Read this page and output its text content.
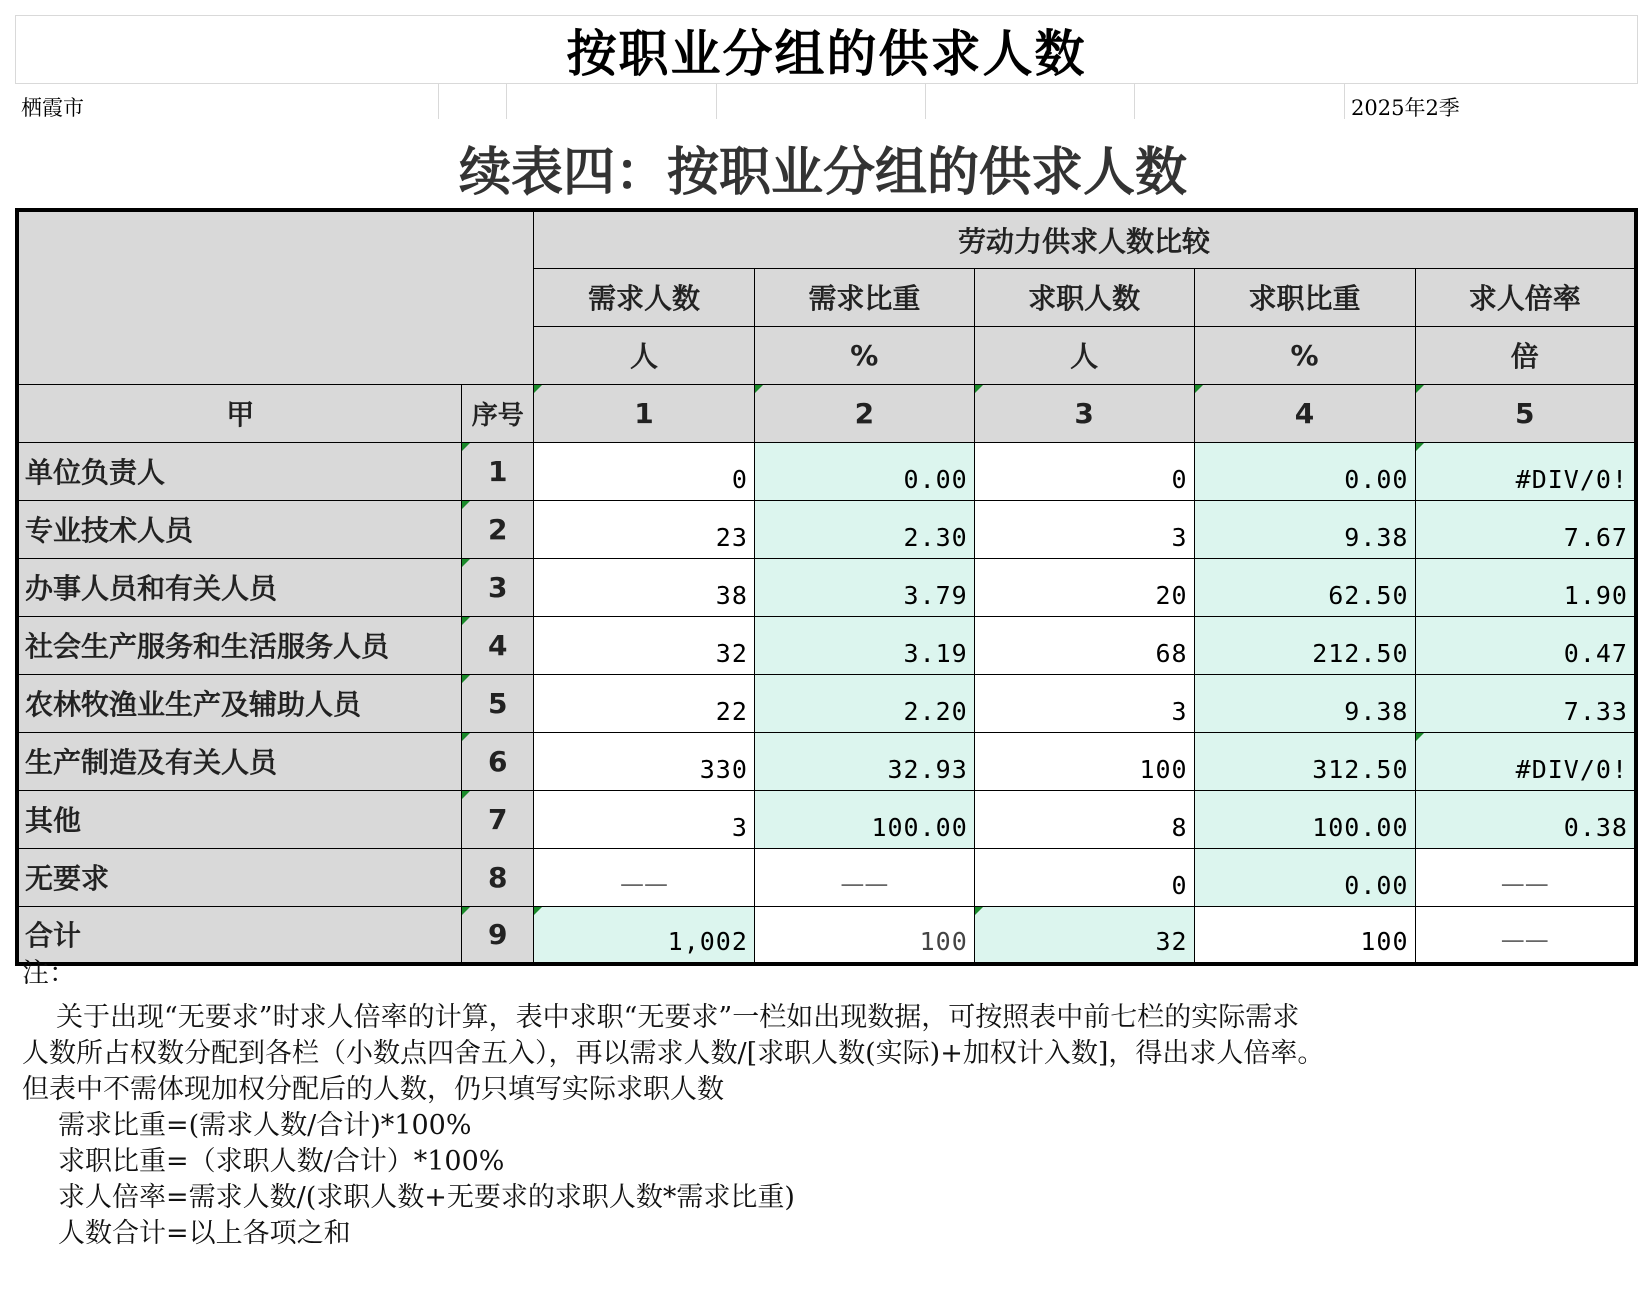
按职业分组的供求人数
栖霞市	2025年2季
续表四：按职业分组的供求人数
		劳动力供求人数比较				
		需求人数	需求比重	求职人数	求职比重	求人倍率
		人	%	人	%	倍
甲	序号	1	2	3	4	5
单位负责人	1	0	0.00	0	0.00	#DIV/0!
专业技术人员	2	23	2.30	3	9.38	7.67
办事人员和有关人员	3	38	3.79	20	62.50	1.90
社会生产服务和生活服务人员	4	32	3.19	68	212.50	0.47
农林牧渔业生产及辅助人员	5	22	2.20	3	9.38	7.33
生产制造及有关人员	6	330	32.93	100	312.50	#DIV/0!
其他	7	3	100.00	8	100.00	0.38
无要求	8	——	——	0	0.00	——
合计	9	1,002	100	32	100	——
注：
关于出现“无要求”时求人倍率的计算，表中求职“无要求”一栏如出现数据，可按照表中前七栏的实际需求
人数所占权数分配到各栏（小数点四舍五入），再以需求人数/[求职人数(实际)+加权计入数]，得出求人倍率。
但表中不需体现加权分配后的人数，仍只填写实际求职人数
需求比重=(需求人数/合计)*100%
求职比重=（求职人数/合计）*100%
求人倍率=需求人数/(求职人数+无要求的求职人数*需求比重)
人数合计=以上各项之和
